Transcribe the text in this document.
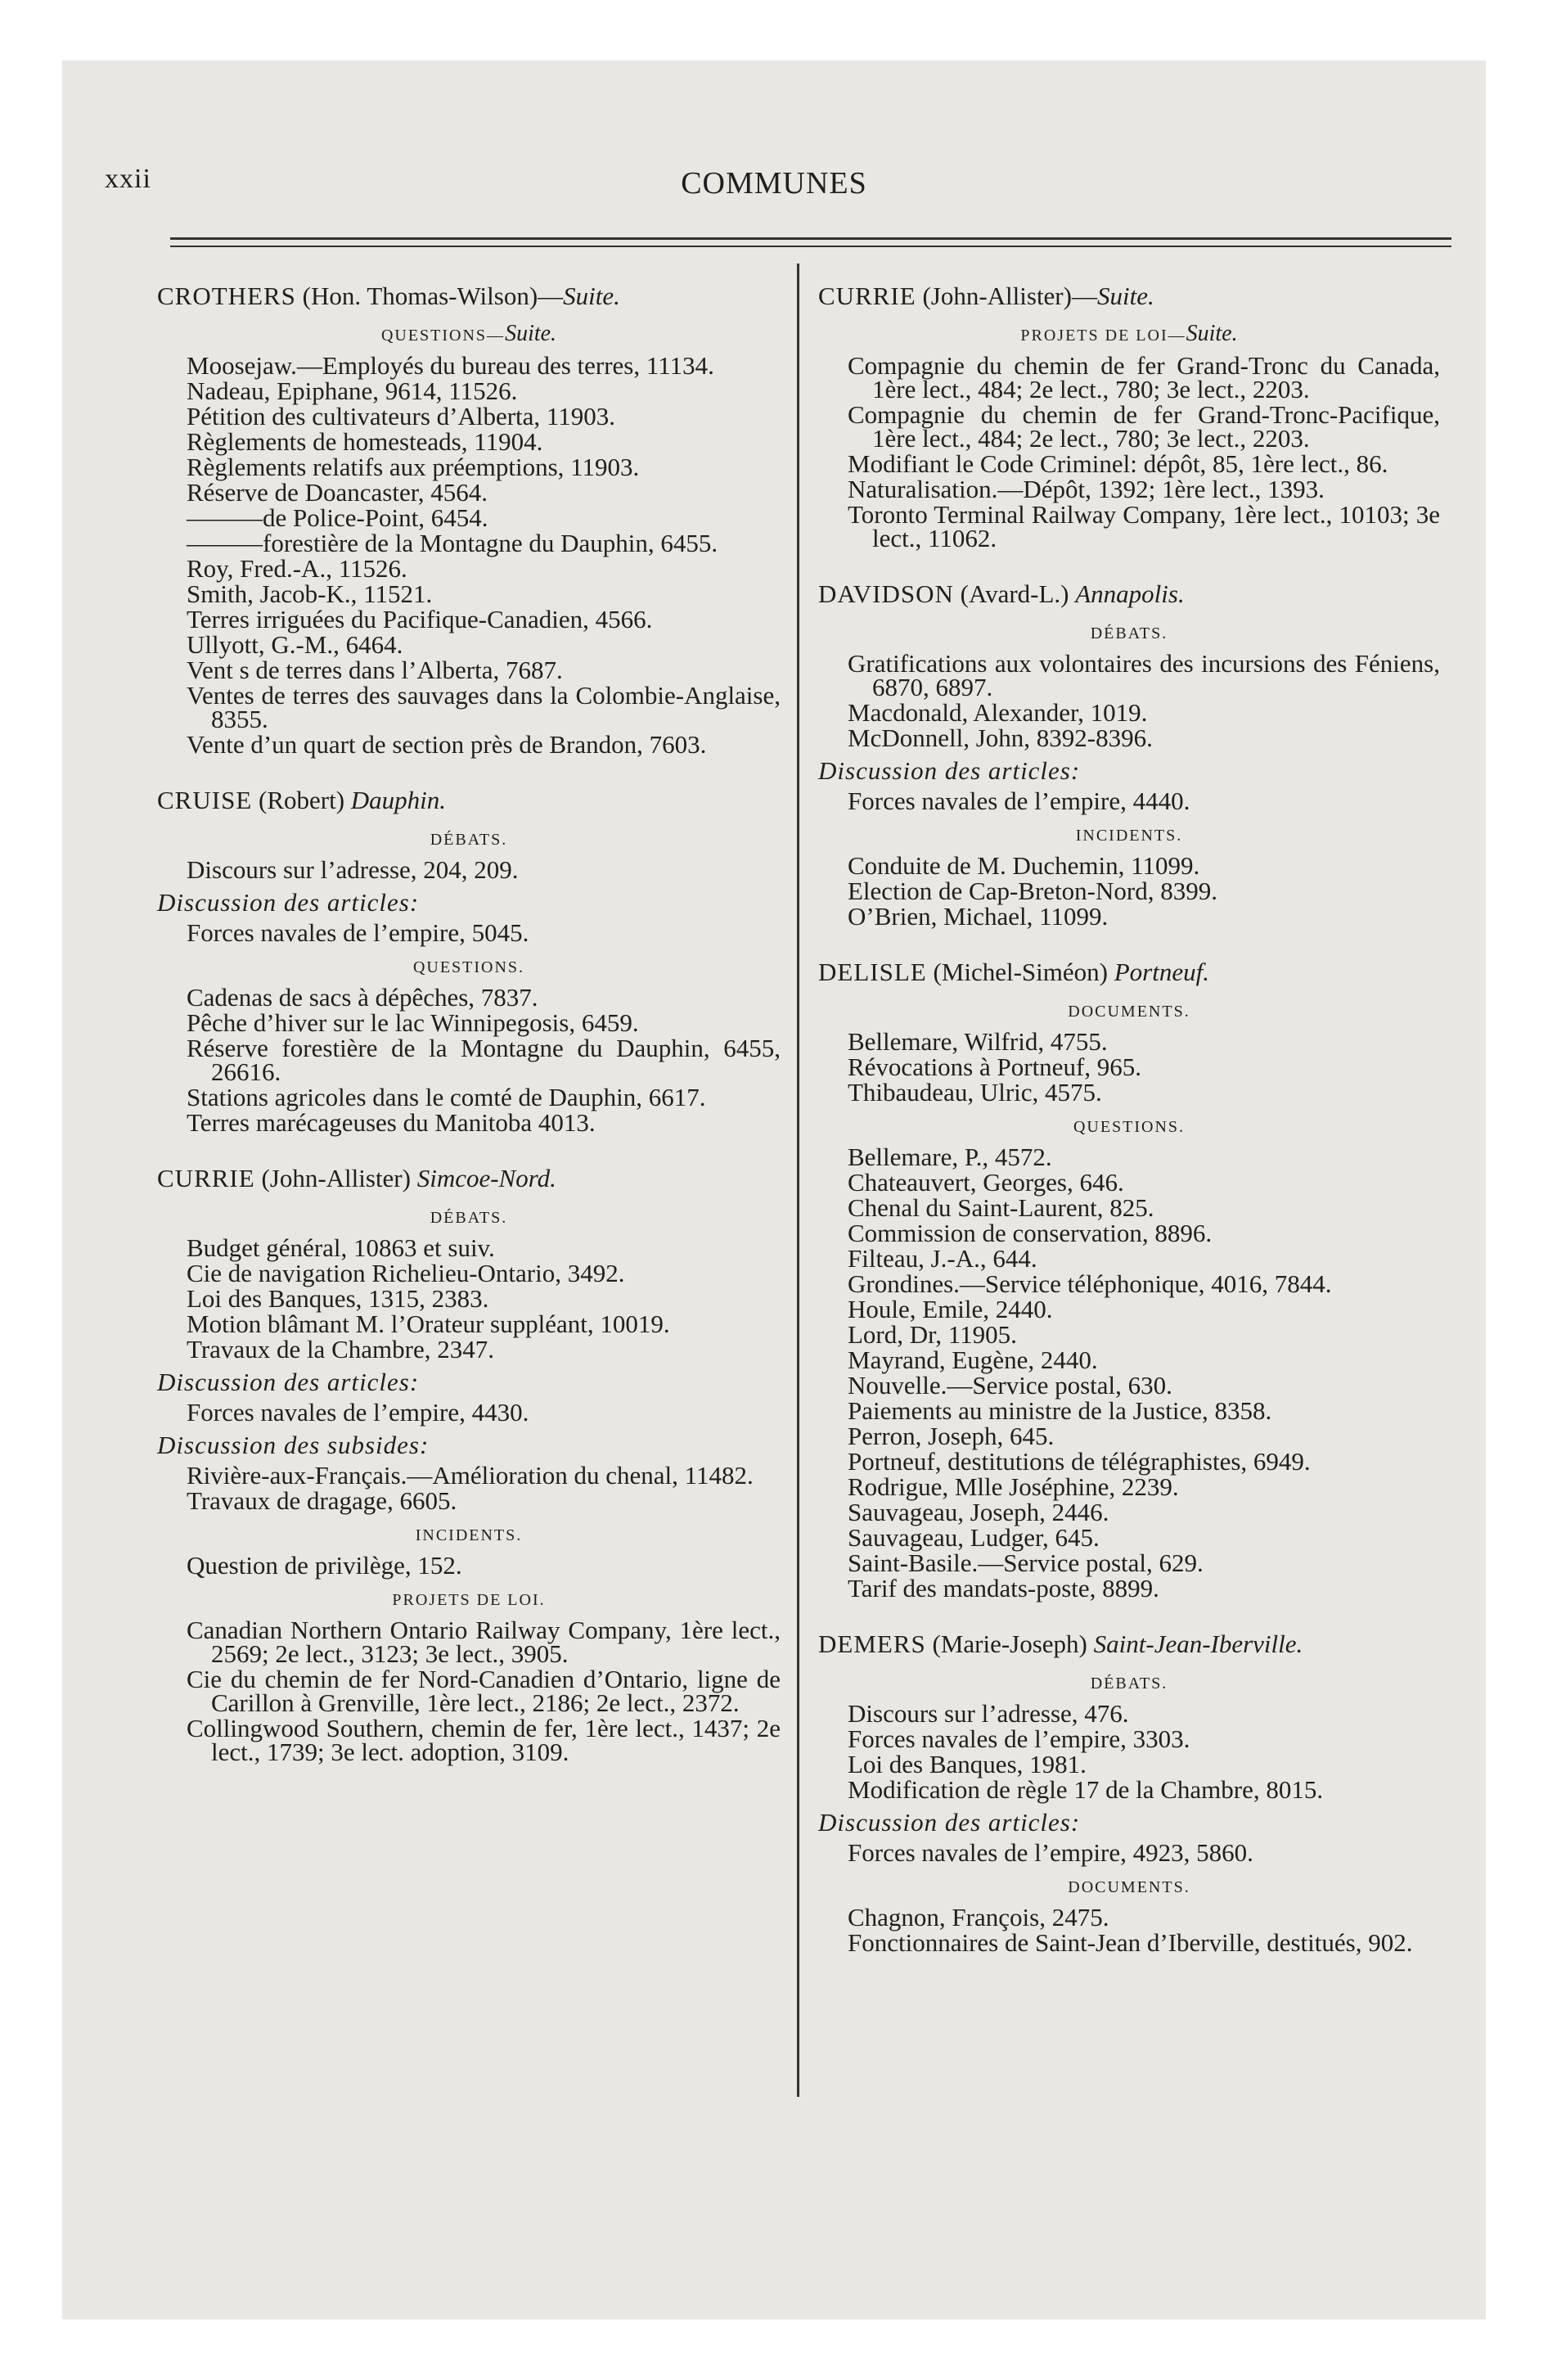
xxii	COMMUNES
CROTHERS (Hon. Thomas-Wilson)—Suite.
QUESTIONS—Suite.
Moosejaw.—Employés du bureau des terres, 11134.
Nadeau, Epiphane, 9614, 11526.
Pétition des cultivateurs d’Alberta, 11903.
Règlements de homesteads, 11904.
Règlements relatifs aux préemptions, 11903.
Réserve de Doancaster, 4564.
———de Police-Point, 6454.
———forestière de la Montagne du Dauphin, 6455.
Roy, Fred.-A., 11526.
Smith, Jacob-K., 11521.
Terres irriguées du Pacifique-Canadien, 4566.
Ullyott, G.-M., 6464.
Vent s de terres dans l’Alberta, 7687.
Ventes de terres des sauvages dans la Colombie-Anglaise, 8355.
Vente d’un quart de section près de Brandon, 7603.
CRUISE (Robert) Dauphin.
DÉBATS.
Discours sur l’adresse, 204, 209.
Discussion des articles:
Forces navales de l’empire, 5045.
QUESTIONS.
Cadenas de sacs à dépêches, 7837.
Pêche d’hiver sur le lac Winnipegosis, 6459.
Réserve forestière de la Montagne du Dauphin, 6455, 26616.
Stations agricoles dans le comté de Dauphin, 6617.
Terres marécageuses du Manitoba 4013.
CURRIE (John-Allister) Simcoe-Nord.
DÉBATS.
Budget général, 10863 et suiv.
Cie de navigation Richelieu-Ontario, 3492.
Loi des Banques, 1315, 2383.
Motion blâmant M. l’Orateur suppléant, 10019.
Travaux de la Chambre, 2347.
Discussion des articles:
Forces navales de l’empire, 4430.
Discussion des subsides:
Rivière-aux-Français.—Amélioration du chenal, 11482.
Travaux de dragage, 6605.
INCIDENTS.
Question de privilège, 152.
PROJETS DE LOI.
Canadian Northern Ontario Railway Company, 1ère lect., 2569; 2e lect., 3123; 3e lect., 3905.
Cie du chemin de fer Nord-Canadien d’Ontario, ligne de Carillon à Grenville, 1ère lect., 2186; 2e lect., 2372.
Collingwood Southern, chemin de fer, 1ère lect., 1437; 2e lect., 1739; 3e lect. adoption, 3109.
CURRIE (John-Allister)—Suite.
PROJETS DE LOI—Suite.
Compagnie du chemin de fer Grand-Tronc du Canada, 1ère lect., 484; 2e lect., 780; 3e lect., 2203.
Compagnie du chemin de fer Grand-Tronc-Pacifique, 1ère lect., 484; 2e lect., 780; 3e lect., 2203.
Modifiant le Code Criminel: dépôt, 85, 1ère lect., 86.
Naturalisation.—Dépôt, 1392; 1ère lect., 1393.
Toronto Terminal Railway Company, 1ère lect., 10103; 3e lect., 11062.
DAVIDSON (Avard-L.) Annapolis.
DÉBATS.
Gratifications aux volontaires des incursions des Féniens, 6870, 6897.
Macdonald, Alexander, 1019.
McDonnell, John, 8392-8396.
Discussion des articles:
Forces navales de l’empire, 4440.
INCIDENTS.
Conduite de M. Duchemin, 11099.
Election de Cap-Breton-Nord, 8399.
O’Brien, Michael, 11099.
DELISLE (Michel-Siméon) Portneuf.
DOCUMENTS.
Bellemare, Wilfrid, 4755.
Révocations à Portneuf, 965.
Thibaudeau, Ulric, 4575.
QUESTIONS.
Bellemare, P., 4572.
Chateauvert, Georges, 646.
Chenal du Saint-Laurent, 825.
Commission de conservation, 8896.
Filteau, J.-A., 644.
Grondines.—Service téléphonique, 4016, 7844.
Houle, Emile, 2440.
Lord, Dr, 11905.
Mayrand, Eugène, 2440.
Nouvelle.—Service postal, 630.
Paiements au ministre de la Justice, 8358.
Perron, Joseph, 645.
Portneuf, destitutions de télégraphistes, 6949.
Rodrigue, Mlle Joséphine, 2239.
Sauvageau, Joseph, 2446.
Sauvageau, Ludger, 645.
Saint-Basile.—Service postal, 629.
Tarif des mandats-poste, 8899.
DEMERS (Marie-Joseph) Saint-Jean-Iberville.
DÉBATS.
Discours sur l’adresse, 476.
Forces navales de l’empire, 3303.
Loi des Banques, 1981.
Modification de règle 17 de la Chambre, 8015.
Discussion des articles:
Forces navales de l’empire, 4923, 5860.
DOCUMENTS.
Chagnon, François, 2475.
Fonctionnaires de Saint-Jean d’Iberville, destitués, 902.
